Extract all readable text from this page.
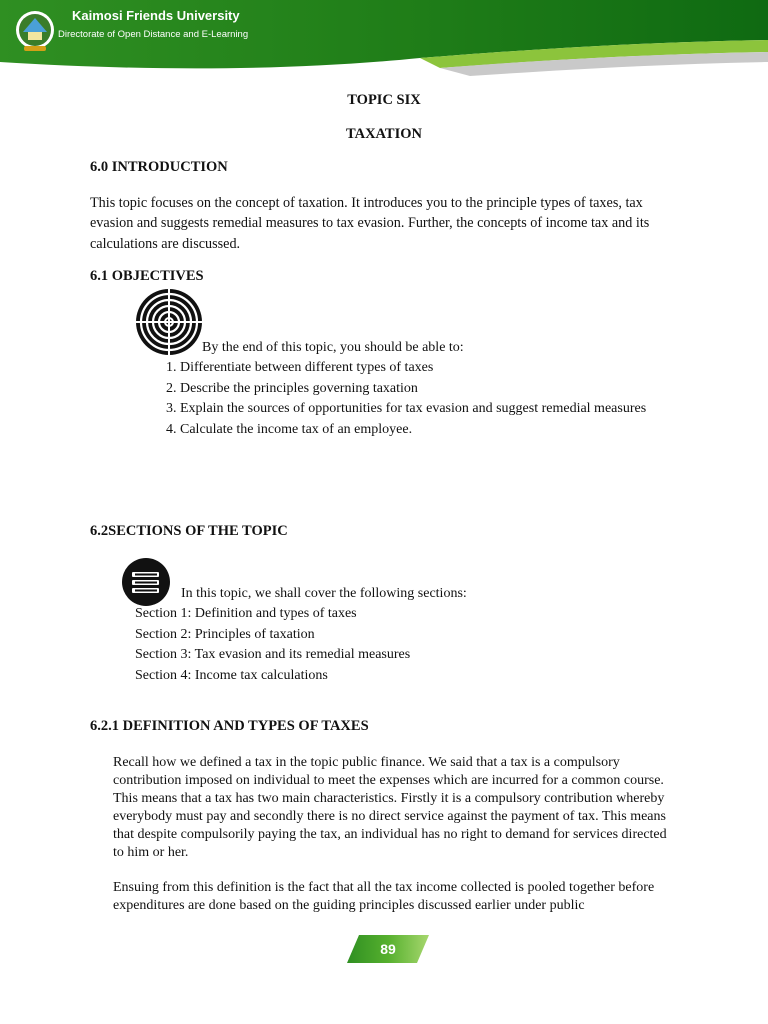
Kaimosi Friends University
Directorate of Open Distance and E-Learning
TOPIC SIX
TAXATION
6.0 INTRODUCTION

This topic focuses on the concept of taxation. It introduces you to the principle types of taxes, tax evasion and suggests remedial measures to tax evasion. Further, the concepts of income tax and its calculations are discussed.

6.1 OBJECTIVES
By the end of this topic, you should be able to:
1. Differentiate between different types of taxes
2. Describe the principles governing taxation
3. Explain the sources of opportunities for tax evasion and suggest remedial measures
4. Calculate the income tax of an employee.
6.2SECTIONS OF THE TOPIC
In this topic, we shall cover the following sections:
Section 1: Definition and types of taxes
Section 2: Principles of taxation
Section 3: Tax evasion and its remedial measures
Section 4: Income tax calculations
6.2.1 DEFINITION AND TYPES OF TAXES

Recall how we defined a tax in the topic public finance. We said that a tax is a compulsory contribution imposed on individual to meet the expenses which are incurred for a common course. This means that a tax has two main characteristics. Firstly it is a compulsory contribution whereby everybody must pay and secondly there is no direct service against the payment of tax. This means that despite compulsorily paying the tax, an individual has no right to demand for services directed to him or her.

Ensuing from this definition is the fact that all the tax income collected is pooled together before expenditures are done based on the guiding principles discussed earlier under public

89
